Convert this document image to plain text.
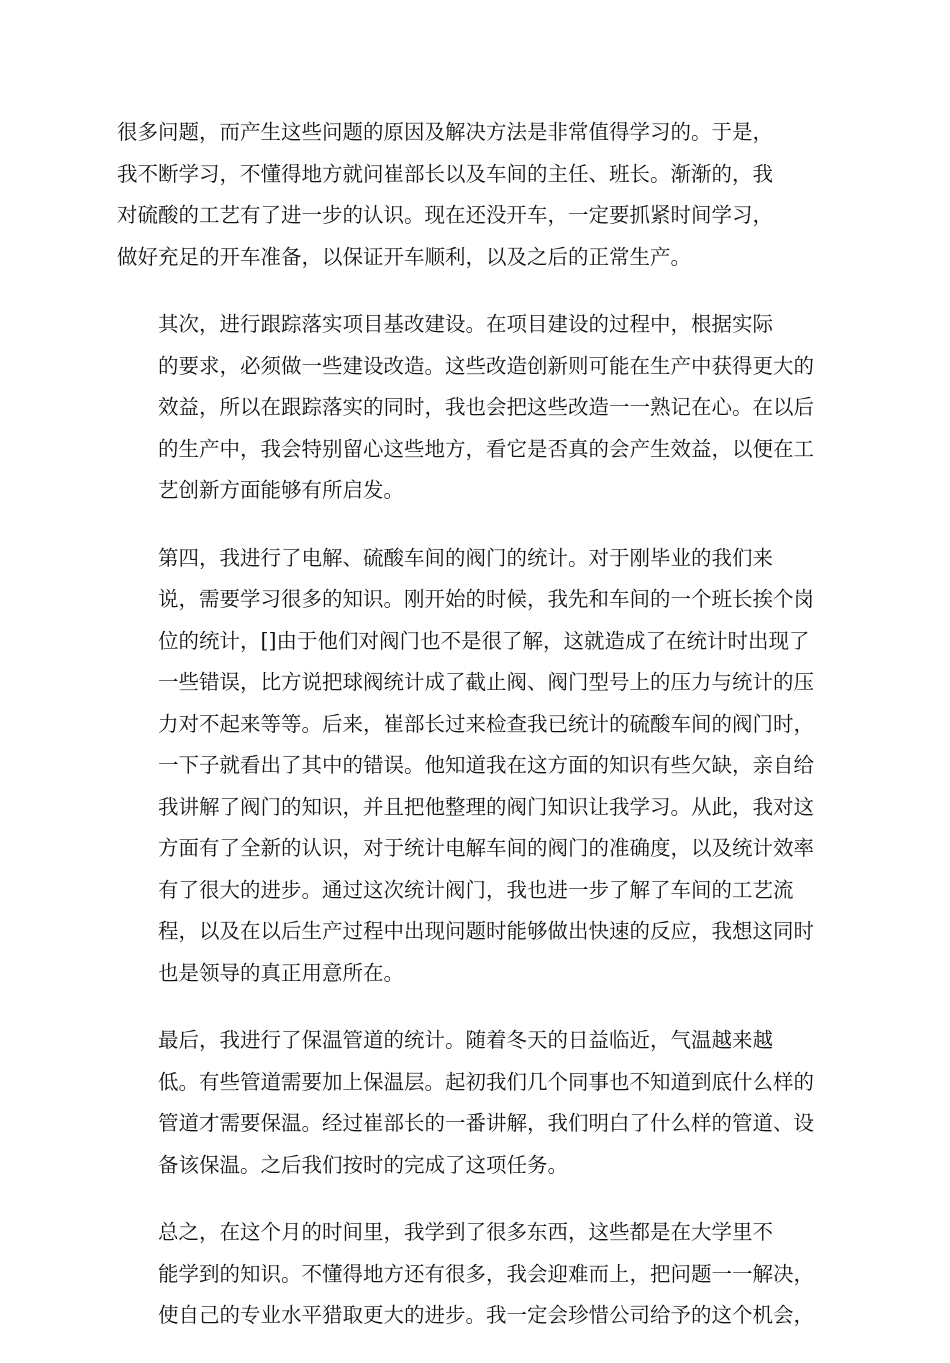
很多问题，而产生这些问题的原因及解决方法是非常值得学习的。于是，
我不断学习，不懂得地方就问崔部长以及车间的主任、班长。渐渐的，我
对硫酸的工艺有了进一步的认识。现在还没开车，一定要抓紧时间学习，
做好充足的开车准备，以保证开车顺利，以及之后的正常生产。

其次，进行跟踪落实项目基改建设。在项目建设的过程中，根据实际
的要求，必须做一些建设改造。这些改造创新则可能在生产中获得更大的
效益，所以在跟踪落实的同时，我也会把这些改造一一熟记在心。在以后
的生产中，我会特别留心这些地方，看它是否真的会产生效益，以便在工
艺创新方面能够有所启发。

第四，我进行了电解、硫酸车间的阀门的统计。对于刚毕业的我们来
说，需要学习很多的知识。刚开始的时候，我先和车间的一个班长挨个岗
位的统计，[]由于他们对阀门也不是很了解，这就造成了在统计时出现了
一些错误，比方说把球阀统计成了截止阀、阀门型号上的压力与统计的压
力对不起来等等。后来，崔部长过来检查我已统计的硫酸车间的阀门时，
一下子就看出了其中的错误。他知道我在这方面的知识有些欠缺，亲自给
我讲解了阀门的知识，并且把他整理的阀门知识让我学习。从此，我对这
方面有了全新的认识，对于统计电解车间的阀门的准确度，以及统计效率
有了很大的进步。通过这次统计阀门，我也进一步了解了车间的工艺流
程，以及在以后生产过程中出现问题时能够做出快速的反应，我想这同时
也是领导的真正用意所在。

最后，我进行了保温管道的统计。随着冬天的日益临近，气温越来越
低。有些管道需要加上保温层。起初我们几个同事也不知道到底什么样的
管道才需要保温。经过崔部长的一番讲解，我们明白了什么样的管道、设
备该保温。之后我们按时的完成了这项任务。

总之，在这个月的时间里，我学到了很多东西，这些都是在大学里不
能学到的知识。不懂得地方还有很多，我会迎难而上，把问题一一解决，
使自己的专业水平猎取更大的进步。我一定会珍惜公司给予的这个机会，
